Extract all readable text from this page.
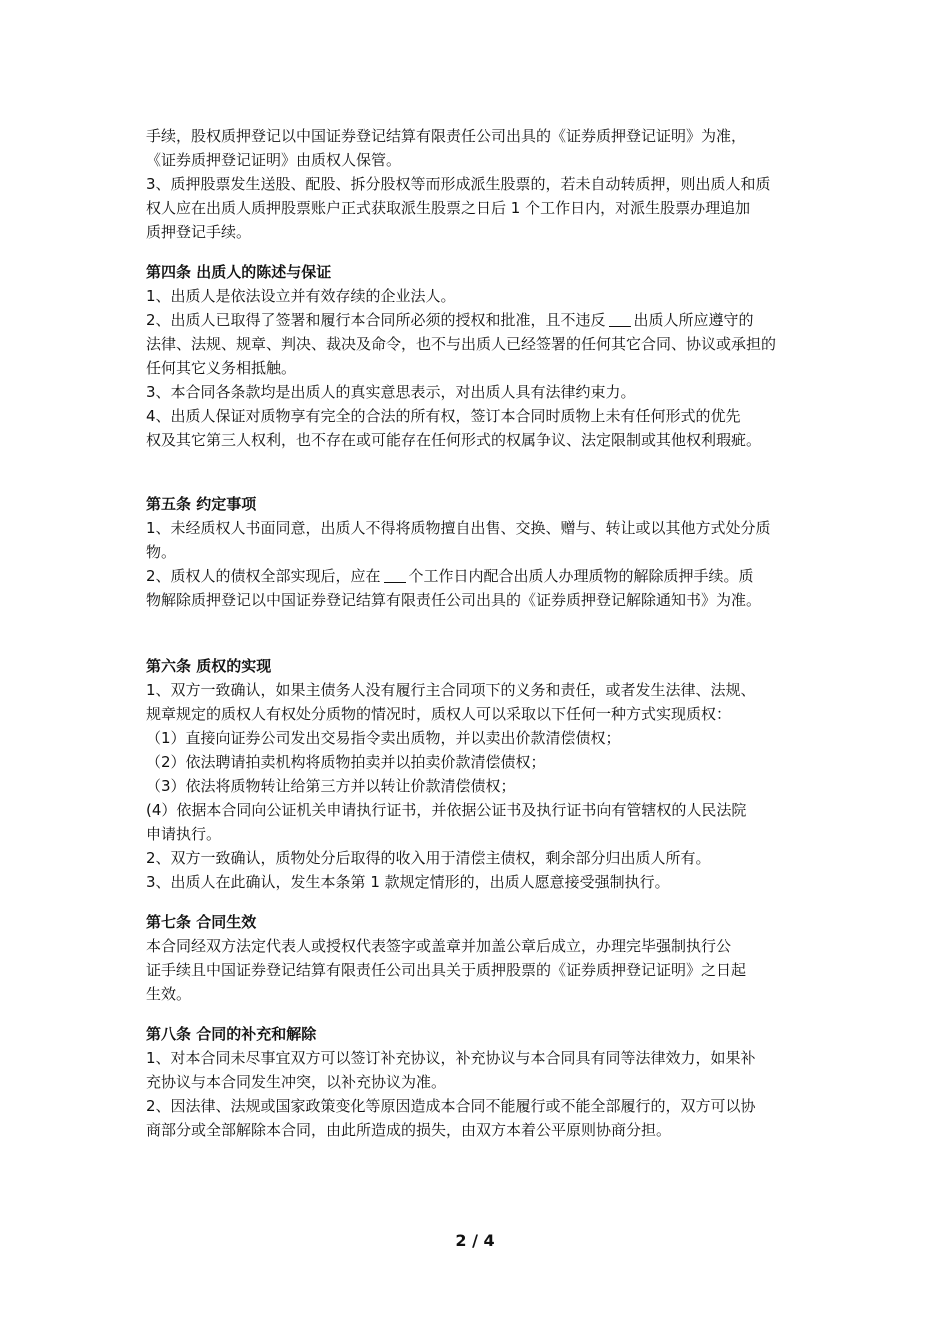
手续，股权质押登记以中国证券登记结算有限责任公司出具的《证券质押登记证明》为准，

《证券质押登记证明》由质权人保管。

3、质押股票发生送股、配股、拆分股权等而形成派生股票的，若未自动转质押，则出质人和质

权人应在出质人质押股票账户正式获取派生股票之日后 1 个工作日内，对派生股票办理追加

质押登记手续。

第四条 出质人的陈述与保证

1、出质人是依法设立并有效存续的企业法人。

2、出质人已取得了签署和履行本合同所必须的授权和批准，且不违反 出质人所应遵守的

法律、法规、规章、判决、裁决及命令，也不与出质人已经签署的任何其它合同、协议或承担的

任何其它义务相抵触。

3、本合同各条款均是出质人的真实意思表示，对出质人具有法律约束力。

4、出质人保证对质物享有完全的合法的所有权，签订本合同时质物上未有任何形式的优先

权及其它第三人权利，也不存在或可能存在任何形式的权属争议、法定限制或其他权利瑕疵。

第五条 约定事项

1、未经质权人书面同意，出质人不得将质物擅自出售、交换、赠与、转让或以其他方式处分质

物。

2、质权人的债权全部实现后，应在 个工作日内配合出质人办理质物的解除质押手续。质

物解除质押登记以中国证券登记结算有限责任公司出具的《证券质押登记解除通知书》为准。

第六条 质权的实现

1、双方一致确认，如果主债务人没有履行主合同项下的义务和责任，或者发生法律、法规、

规章规定的质权人有权处分质物的情况时，质权人可以采取以下任何一种方式实现质权：

（1）直接向证券公司发出交易指令卖出质物，并以卖出价款清偿债权；

（2）依法聘请拍卖机构将质物拍卖并以拍卖价款清偿债权；

（3）依法将质物转让给第三方并以转让价款清偿债权；

(4）依据本合同向公证机关申请执行证书，并依据公证书及执行证书向有管辖权的人民法院

申请执行。

2、双方一致确认，质物处分后取得的收入用于清偿主债权，剩余部分归出质人所有。

3、出质人在此确认，发生本条第 1 款规定情形的，出质人愿意接受强制执行。

第七条 合同生效

本合同经双方法定代表人或授权代表签字或盖章并加盖公章后成立，办理完毕强制执行公

证手续且中国证券登记结算有限责任公司出具关于质押股票的《证券质押登记证明》之日起

生效。

第八条 合同的补充和解除

1、对本合同未尽事宜双方可以签订补充协议，补充协议与本合同具有同等法律效力，如果补

充协议与本合同发生冲突，以补充协议为准。

2、因法律、法规或国家政策变化等原因造成本合同不能履行或不能全部履行的，双方可以协

商部分或全部解除本合同，由此所造成的损失，由双方本着公平原则协商分担。

2 / 4
